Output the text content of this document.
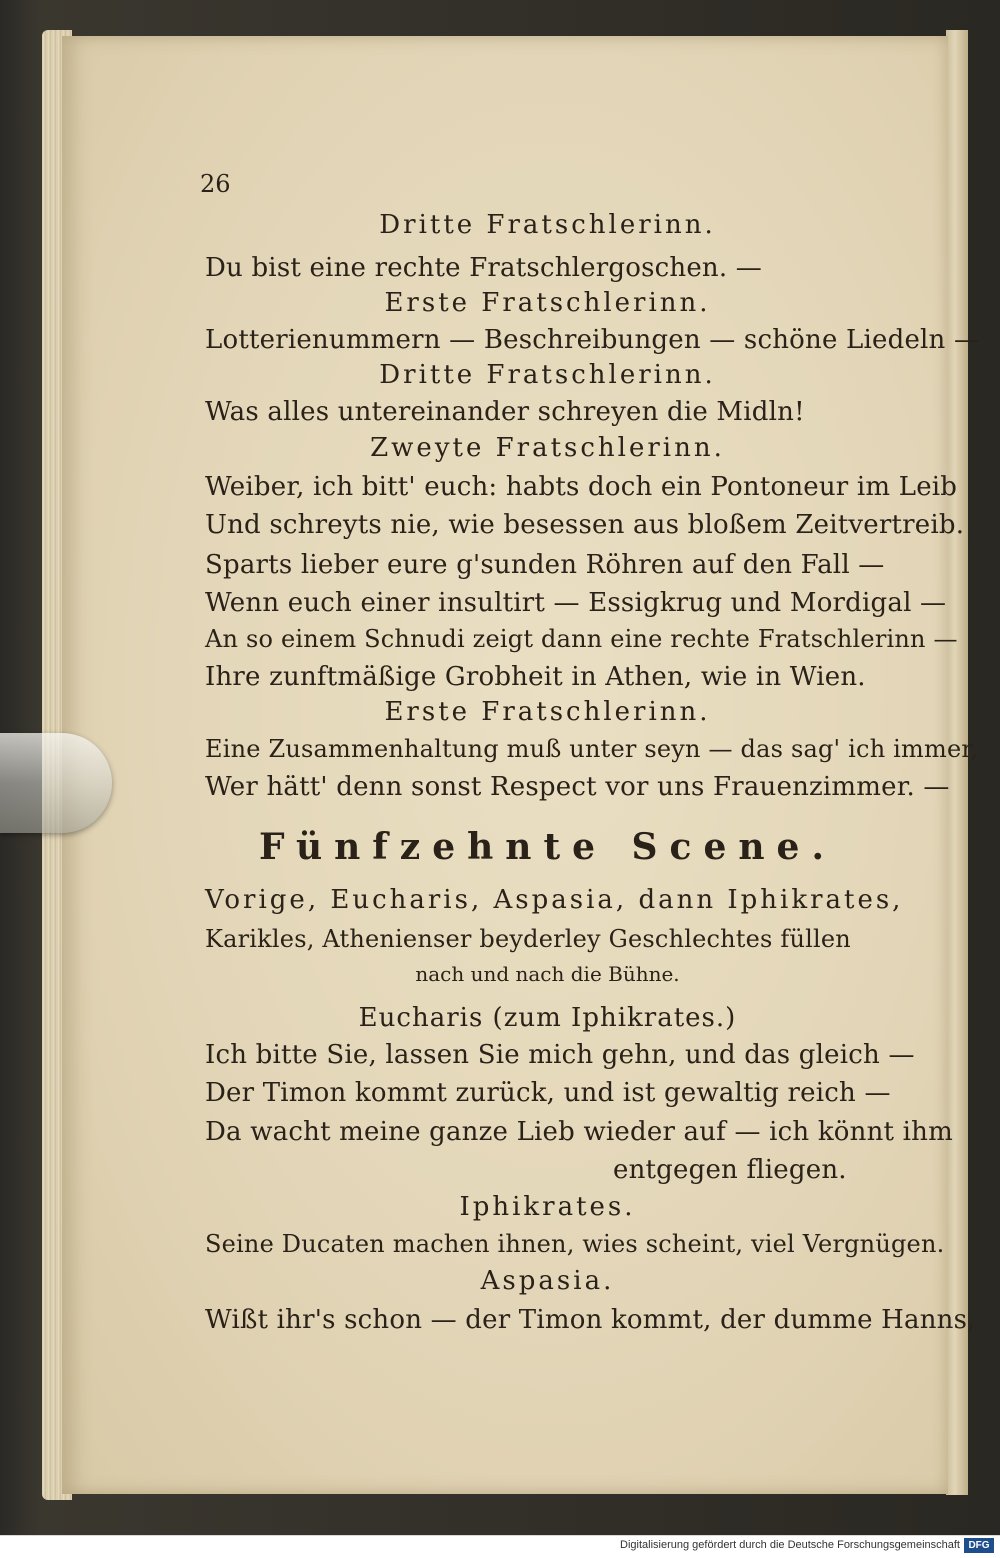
26
Dritte Fratschlerinn.
Du bist eine rechte Fratschlergoschen. —
Erste Fratschlerinn.
Lotterienummern — Beschreibungen — schöne Liedeln —
Dritte Fratschlerinn.
Was alles untereinander schreyen die Midln!
Zweyte Fratschlerinn.
Weiber, ich bitt' euch: habts doch ein Pontoneur im Leib
Und schreyts nie, wie besessen aus bloßem Zeitvertreib.
Sparts lieber eure g'sunden Röhren auf den Fall —
Wenn euch einer insultirt — Essigkrug und Mordigal —
An so einem Schnudi zeigt dann eine rechte Fratschlerinn —
Ihre zunftmäßige Grobheit in Athen, wie in Wien.
Erste Fratschlerinn.
Eine Zusammenhaltung muß unter seyn — das sag' ich immer,
Wer hätt' denn sonst Respect vor uns Frauenzimmer. —
Fünfzehnte Scene.
Vorige, Eucharis, Aspasia, dann Iphikrates,
Karikles, Athenienser beyderley Geschlechtes füllen
nach und nach die Bühne.
Eucharis (zum Iphikrates.)
Ich bitte Sie, lassen Sie mich gehn, und das gleich —
Der Timon kommt zurück, und ist gewaltig reich —
Da wacht meine ganze Lieb wieder auf — ich könnt ihm
entgegen fliegen.
Iphikrates.
Seine Ducaten machen ihnen, wies scheint, viel Vergnügen.
Aspasia.
Wißt ihr's schon — der Timon kommt, der dumme Hanns,
Digitalisierung gefördert durch die Deutsche Forschungsgemeinschaft DFG
